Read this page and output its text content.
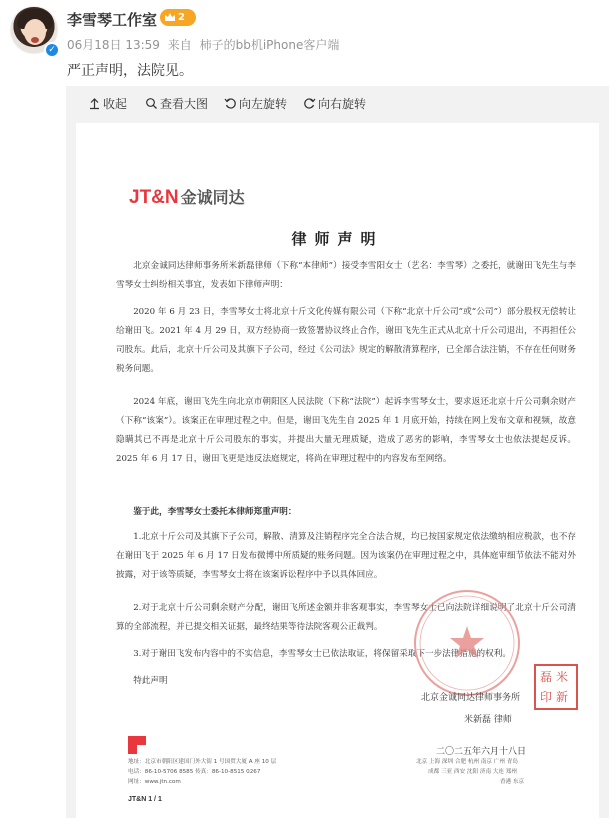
✓
李雪琴工作室	2
06月18日 13:59 来自 柿子的bb机iPhone客户端
严正声明，法院见。
收起	查看大图	向左旋转	向右旋转
JT&N 金诚同达
律师声明
北京金诚同达律师事务所米新磊律师（下称“本律师”）接受李雪阳女士（艺名：李雪琴）之委托，就谢田飞先生与李雪琴女士纠纷相关事宜，发表如下律师声明：
2020 年 6 月 23 日，李雪琴女士将北京十斤文化传媒有限公司（下称“北京十斤公司”或“公司”）部分股权无偿转让给谢田飞。2021 年 4 月 29 日，双方经协商一致签署协议终止合作，谢田飞先生正式从北京十斤公司退出，不再担任公司股东。此后，北京十斤公司及其旗下子公司，经过《公司法》规定的解散清算程序，已全部合法注销，不存在任何财务税务问题。
2024 年底，谢田飞先生向北京市朝阳区人民法院（下称“法院”）起诉李雪琴女士，要求返还北京十斤公司剩余财产（下称“该案”）。该案正在审理过程之中。但是，谢田飞先生自 2025 年 1 月底开始，持续在网上发布文章和视频，故意隐瞒其已不再是北京十斤公司股东的事实，并提出大量无理质疑，造成了恶劣的影响，李雪琴女士也依法提起反诉。2025 年 6 月 17 日，谢田飞更是违反法庭规定，将尚在审理过程中的内容发布至网络。
鉴于此，李雪琴女士委托本律师郑重声明：
1.北京十斤公司及其旗下子公司，解散、清算及注销程序完全合法合规，均已按国家规定依法缴纳相应税款，也不存在谢田飞于 2025 年 6 月 17 日发布微博中所质疑的账务问题。因为该案仍在审理过程之中，具体庭审细节依法不能对外披露，对于该等质疑，李雪琴女士将在该案诉讼程序中予以具体回应。
2.对于北京十斤公司剩余财产分配，谢田飞所述金额并非客观事实，李雪琴女士已向法院详细说明了北京十斤公司清算的全部流程，并已提交相关证据，最终结果等待法院客观公正裁判。
3.对于谢田飞发布内容中的不实信息，李雪琴女士已依法取证，将保留采取下一步法律措施的权利。
特此声明
北京金诚同达律师事务所
米新磊 律师
磊米印新
二〇二五年六月十八日
地址：北京市朝阳区建国门外大街 1 号国贸大厦 A 座 10 层
电话：86-10-5706 8585 传真：86-10-8515 0267
网址：www.jtn.com
北京 上海 深圳 合肥 杭州 南京 广州 青岛
成都 三亚 西安 沈阳 济南 大连 郑州
香港 东京
JT&N 1 / 1
